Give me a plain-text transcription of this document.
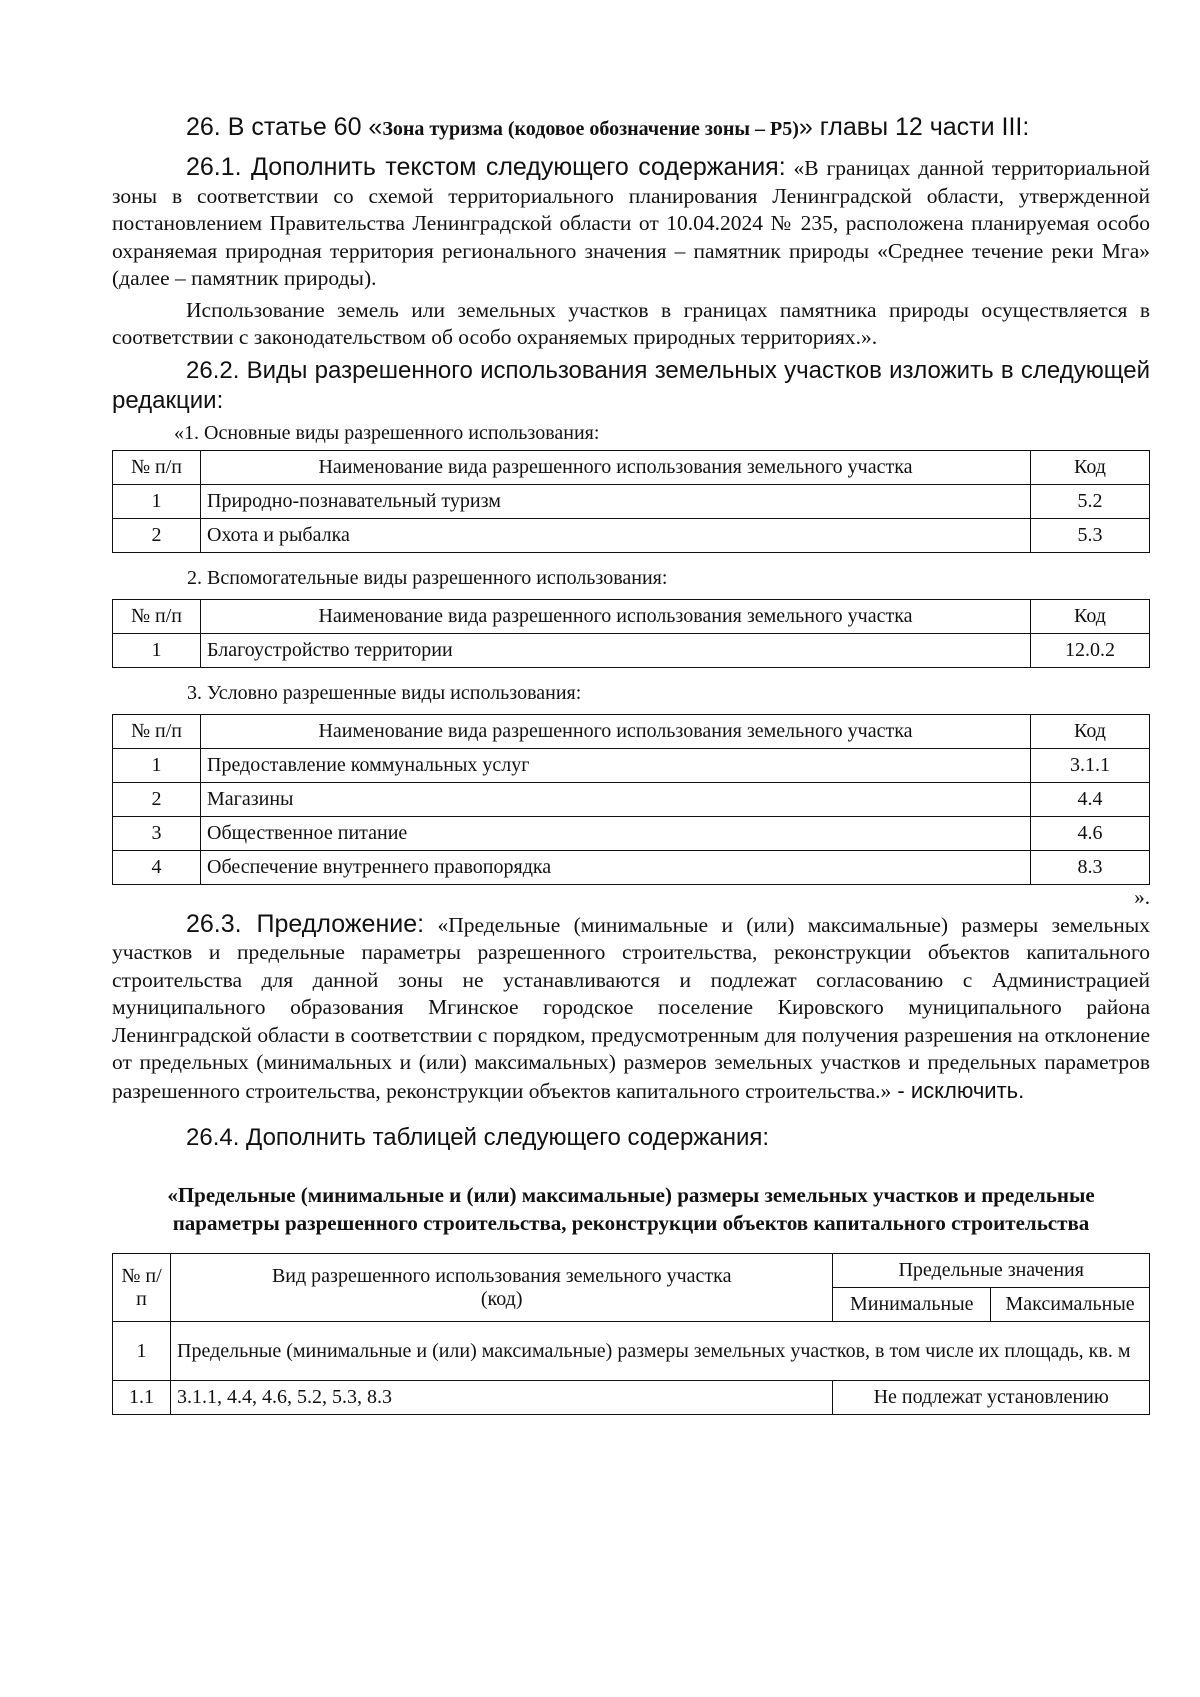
26. В статье 60 «Зона туризма (кодовое обозначение зоны – Р5)» главы 12 части III:

26.1. Дополнить текстом следующего содержания: «В границах данной территориальной зоны в соответствии со схемой территориального планирования Ленинградской области, утвержденной постановлением Правительства Ленинградской области от 10.04.2024 № 235, расположена планируемая особо охраняемая природная территория регионального значения – памятник природы «Среднее течение реки Мга» (далее – памятник природы).

Использование земель или земельных участков в границах памятника природы осуществляется в соответствии с законодательством об особо охраняемых природных территориях.».

26.2. Виды разрешенного использования земельных участков изложить в следующей редакции:

«1. Основные виды разрешенного использования:

№ п/п	Наименование вида разрешенного использования земельного участка	Код
1	Природно-познавательный туризм	5.2
2	Охота и рыбалка	5.3

2. Вспомогательные виды разрешенного использования:

№ п/п	Наименование вида разрешенного использования земельного участка	Код
1	Благоустройство территории	12.0.2

3. Условно разрешенные виды использования:

№ п/п	Наименование вида разрешенного использования земельного участка	Код
1	Предоставление коммунальных услуг	3.1.1
2	Магазины	4.4
3	Общественное питание	4.6
4	Обеспечение внутреннего правопорядка	8.3

».

26.3. Предложение: «Предельные (минимальные и (или) максимальные) размеры земельных участков и предельные параметры разрешенного строительства, реконструкции объектов капитального строительства для данной зоны не устанавливаются и подлежат согласованию с Администрацией муниципального образования Мгинское городское поселение Кировского муниципального района Ленинградской области в соответствии с порядком, предусмотренным для получения разрешения на отклонение от предельных (минимальных и (или) максимальных) размеров земельных участков и предельных параметров разрешенного строительства, реконструкции объектов капитального строительства.» - исключить.

26.4. Дополнить таблицей следующего содержания:

«Предельные (минимальные и (или) максимальные) размеры земельных участков и предельные параметры разрешенного строительства, реконструкции объектов капитального строительства

№ п/п	Вид разрешенного использования земельного участка (код)	Предельные значения	
		Минимальные	Максимальные
1	Предельные (минимальные и (или) максимальные) размеры земельных участков, в том числе их площадь, кв. м		
1.1	3.1.1, 4.4, 4.6, 5.2, 5.3, 8.3	Не подлежат установлению	
